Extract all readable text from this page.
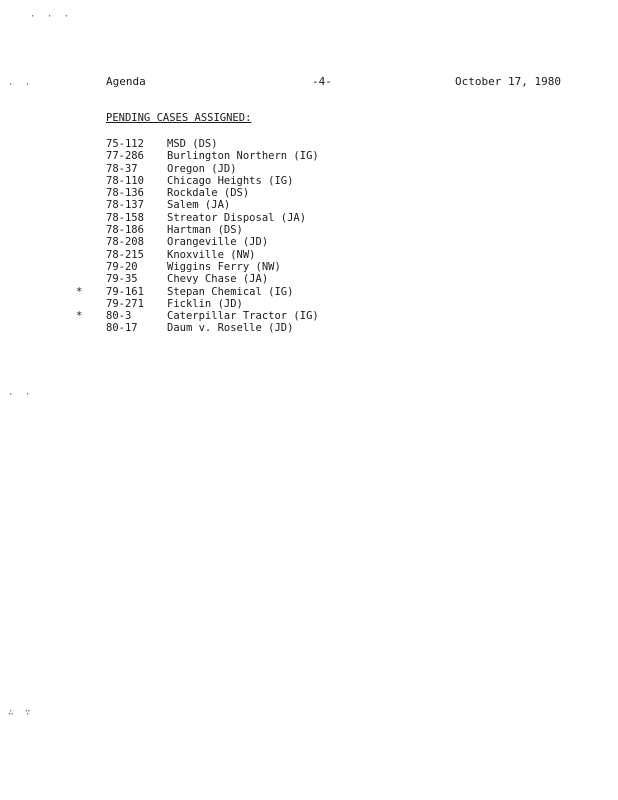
· · ·
· ·
· ·
∴ ∵
Agenda	-4-	October 17, 1980
PENDING CASES ASSIGNED:
75-112 MSD (DS)
77-286 Burlington Northern (IG)
78-37	Oregon (JD)
78-110 Chicago Heights (IG)
78-136 Rockdale (DS)
78-137 Salem (JA)
78-158 Streator Disposal (JA)
78-186 Hartman (DS)
78-208 Orangeville (JD)
78-215 Knoxville (NW)
79-20	Wiggins Ferry (NW)
79-35	Chevy Chase (JA)
*	79-161 Stepan Chemical (IG)
79-271 Ficklin (JD)
*	80-3	Caterpillar Tractor (IG)
80-17	Daum v. Roselle (JD)
